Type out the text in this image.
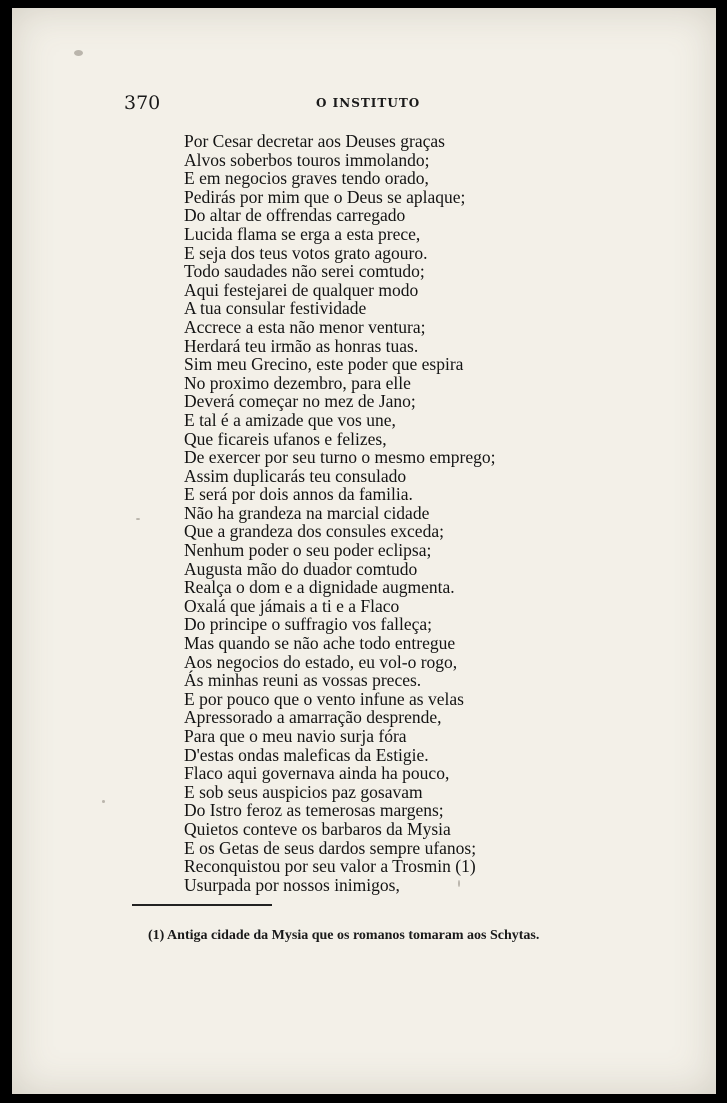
370	O INSTITUTO
Por Cesar decretar aos Deuses graças
Alvos soberbos touros immolando;
E em negocios graves tendo orado,
Pedirás por mim que o Deus se aplaque;
Do altar de offrendas carregado
Lucida flama se erga a esta prece,
E seja dos teus votos grato agouro.
Todo saudades não serei comtudo;
Aqui festejarei de qualquer modo
A tua consular festividade
Accrece a esta não menor ventura;
Herdará teu irmão as honras tuas.
Sim meu Grecino, este poder que espira
No proximo dezembro, para elle
Deverá começar no mez de Jano;
E tal é a amizade que vos une,
Que ficareis ufanos e felizes,
De exercer por seu turno o mesmo emprego;
Assim duplicarás teu consulado
E será por dois annos da familia.
Não ha grandeza na marcial cidade
Que a grandeza dos consules exceda;
Nenhum poder o seu poder eclipsa;
Augusta mão do duador comtudo
Realça o dom e a dignidade augmenta.
Oxalá que jámais a ti e a Flaco
Do principe o suffragio vos falleça;
Mas quando se não ache todo entregue
Aos negocios do estado, eu vol-o rogo,
Ás minhas reuni as vossas preces.
E por pouco que o vento infune as velas
Apressorado a amarração desprende,
Para que o meu navio surja fóra
D'estas ondas maleficas da Estigie.
Flaco aqui governava ainda ha pouco,
E sob seus auspicios paz gosavam
Do Istro feroz as temerosas margens;
Quietos conteve os barbaros da Mysia
E os Getas de seus dardos sempre ufanos;
Reconquistou por seu valor a Trosmin (1)
Usurpada por nossos inimigos,
(1) Antiga cidade da Mysia que os romanos tomaram aos Schytas.
